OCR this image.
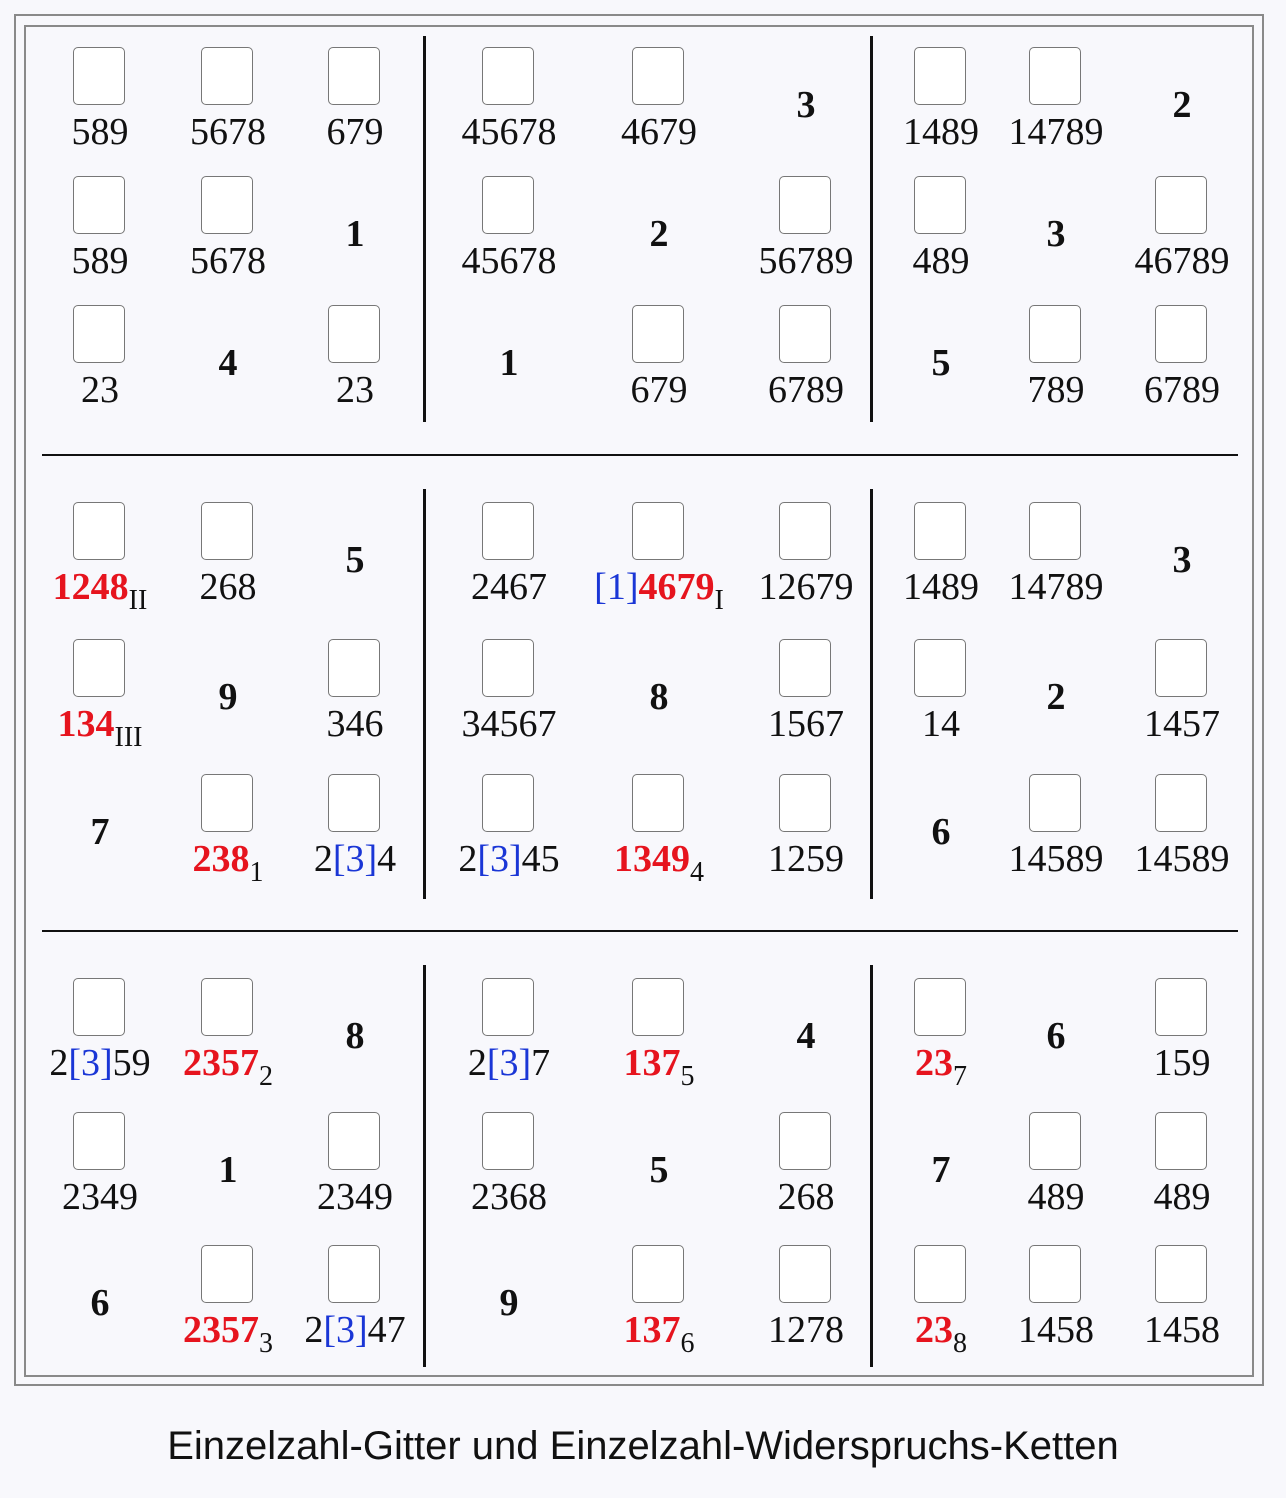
589 5678 679 45678 4679
3
1489 14789
2
589 5678
1
45678
2
56789 489
3
46789
23
4
23
1
679 6789
5
789 6789
$1248_{II}$ 268
5
2467 $[1]4679_I$ 12679 1489 14789
3
$134_{III}$
9
346 34567
8
1567 14
2
1457
7
$238_1$ 2[3]4 2[3]45 $1349_4$ 1259
6
14589 14589
2[3]59 $2357_2$
8
2[3]7 $137_5$
4
$23_7$
6
159
2349
1
2349 2368
5
268
7
489 489
6
$2357_3$ 2[3]47
9
$137_6$ 1278 $23_8$ 1458 1458
Einzelzahl-Gitter und Einzelzahl-Widerspruchs-Ketten
